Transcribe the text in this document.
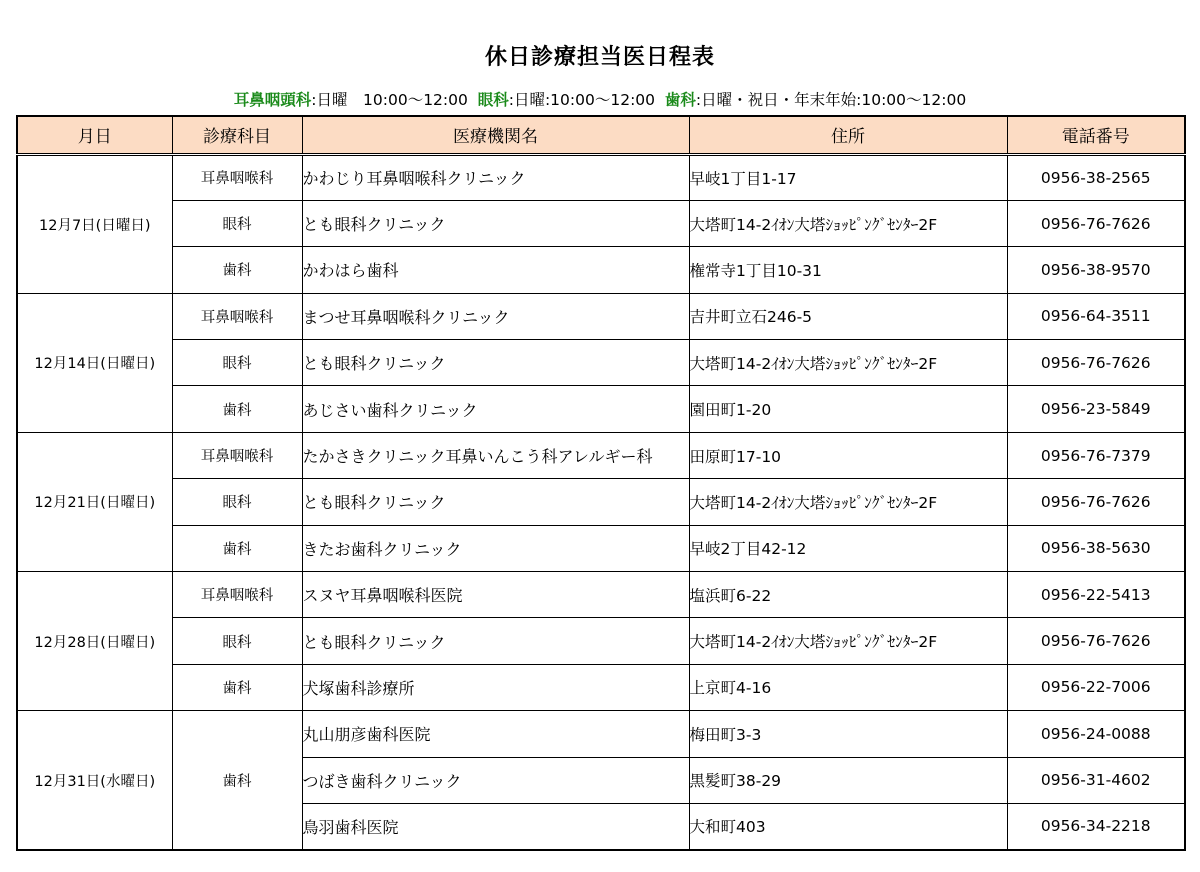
休日診療担当医日程表
耳鼻咽頭科:日曜　10:00〜12:00 眼科:日曜:10:00〜12:00 歯科:日曜・祝日・年末年始:10:00〜12:00
月日	診療科目	医療機関名	住所	電話番号
12月7日(日曜日)	耳鼻咽喉科	かわじり耳鼻咽喉科クリニック	早岐1丁目1-17	0956-38-2565
	眼科	とも眼科クリニック	大塔町14-2ｲｵﾝ大塔ｼｮｯﾋﾟﾝｸﾞｾﾝﾀｰ2F	0956-76-7626
	歯科	かわはら歯科	権常寺1丁目10-31	0956-38-9570
12月14日(日曜日)	耳鼻咽喉科	まつせ耳鼻咽喉科クリニック	吉井町立石246-5	0956-64-3511
	眼科	とも眼科クリニック	大塔町14-2ｲｵﾝ大塔ｼｮｯﾋﾟﾝｸﾞｾﾝﾀｰ2F	0956-76-7626
	歯科	あじさい歯科クリニック	園田町1-20	0956-23-5849
12月21日(日曜日)	耳鼻咽喉科	たかさきクリニック耳鼻いんこう科アレルギー科	田原町17-10	0956-76-7379
	眼科	とも眼科クリニック	大塔町14-2ｲｵﾝ大塔ｼｮｯﾋﾟﾝｸﾞｾﾝﾀｰ2F	0956-76-7626
	歯科	きたお歯科クリニック	早岐2丁目42-12	0956-38-5630
12月28日(日曜日)	耳鼻咽喉科	スヌヤ耳鼻咽喉科医院	塩浜町6-22	0956-22-5413
	眼科	とも眼科クリニック	大塔町14-2ｲｵﾝ大塔ｼｮｯﾋﾟﾝｸﾞｾﾝﾀｰ2F	0956-76-7626
	歯科	犬塚歯科診療所	上京町4-16	0956-22-7006
12月31日(水曜日)	歯科	丸山朋彦歯科医院	梅田町3-3	0956-24-0088
		つばき歯科クリニック	黒髪町38-29	0956-31-4602
		鳥羽歯科医院	大和町403	0956-34-2218
